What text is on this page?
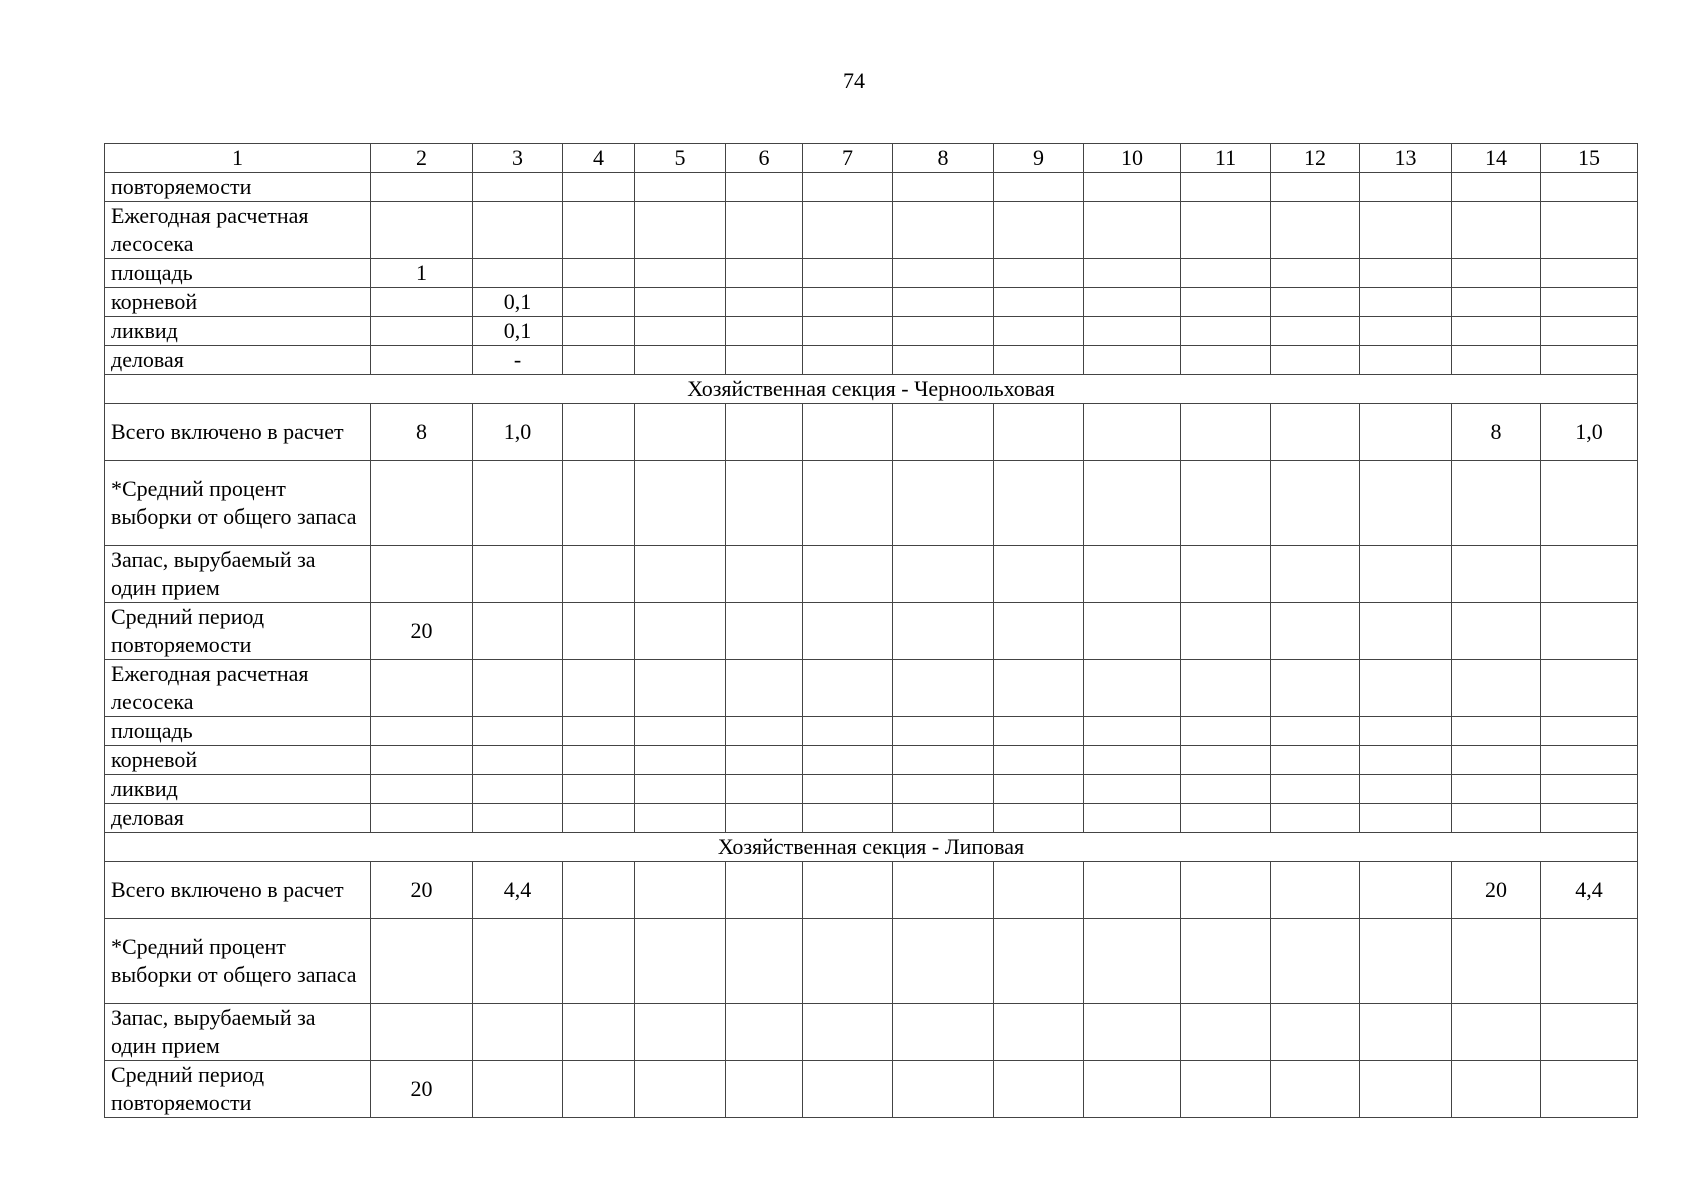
74
1	2	3	4	5	6	7	8	9	10	11	12	13	14	15
повторяемости														
Ежегодная расчетная лесосека														
площадь	1													
корневой		0,1												
ликвид		0,1												
деловая		-												
Хозяйственная секция - Черноольховая														
Всего включено в расчет	8	1,0											8	1,0
*Средний процент выборки от общего запаса														
Запас, вырубаемый за один прием														
Средний период повторяемости	20													
Ежегодная расчетная лесосека														
площадь														
корневой														
ликвид														
деловая														
Хозяйственная секция - Липовая														
Всего включено в расчет	20	4,4											20	4,4
*Средний процент выборки от общего запаса														
Запас, вырубаемый за один прием														
Средний период повторяемости	20													
